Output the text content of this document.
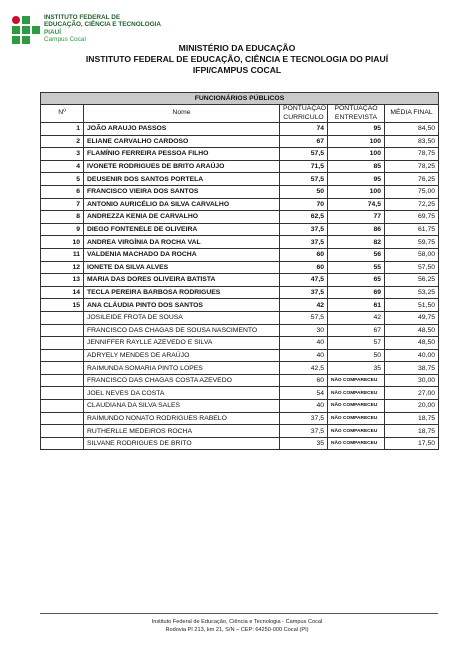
INSTITUTO FEDERAL DE
EDUCAÇÃO, CIÊNCIA E TECNOLOGIA
PIAUÍ
Campus Cocal
MINISTÉRIO DA EDUCAÇÃO
INSTITUTO FEDERAL DE EDUCAÇÃO, CIÊNCIA E TECNOLOGIA DO PIAUÍ
IFPI/CAMPUS COCAL
FUNCIONÁRIOS PÚBLICOS				
Nº	Nome	PONTUAÇÃO CURRICULO	PONTUAÇÃO ENTREVISTA	MÉDIA FINAL
1	JOÃO ARAUJO PASSOS	74	95	84,50
2	ELIANE CARVALHO CARDOSO	67	100	83,50
3	FLAMÍNIO FERREIRA PESSOA FILHO	57,5	100	78,75
4	IVONETE RODRIGUES DE BRITO ARAÚJO	71,5	85	78,25
5	DEUSENIR DOS SANTOS PORTELA	57,5	95	76,25
6	FRANCISCO VIEIRA DOS SANTOS	50	100	75,00
7	ANTONIO AURICÉLIO DA SILVA CARVALHO	70	74,5	72,25
8	ANDREZZA KENIA DE CARVALHO	62,5	77	69,75
9	DIEGO FONTENELE DE OLIVEIRA	37,5	86	61,75
10	ANDREA VIRGÍNIA DA ROCHA VAL	37,5	82	59,75
11	VALDENIA MACHADO DA ROCHA	60	56	58,00
12	IONETE DA SILVA ALVES	60	55	57,50
13	MARIA DAS DORES OLIVEIRA BATISTA	47,5	65	56,25
14	TECLA PEREIRA BARBOSA RODRIGUES	37,5	69	53,25
15	ANA CLÁUDIA PINTO DOS SANTOS	42	61	51,50
	JOSILEIDE FROTA DE SOUSA	57,5	42	49,75
	FRANCISCO DAS CHAGAS DE SOUSA NASCIMENTO	30	67	48,50
	JENNIFFER RAYLLE AZEVEDO E SILVA	40	57	48,50
	ADRYELY MENDES DE ARAÚJO	40	50	40,00
	RAIMUNDA SOMARIA PINTO LOPES	42,5	35	38,75
	FRANCISCO DAS CHAGAS COSTA AZEVEDO	60	NÃO COMPARECEU	30,00
	JOEL NEVES DA COSTA	54	NÃO COMPARECEU	27,00
	CLAUDIANA DA SILVA SALES	40	NÃO COMPARECEU	20,00
	RAIMUNDO NONATO RODRIGUES RABELO	37,5	NÃO COMPARECEU	18,75
	RUTHERLLE MEDEIROS ROCHA	37,5	NÃO COMPARECEU	18,75
	SILVANE RODRIGUES DE BRITO	35	NÃO COMPARECEU	17,50
Instituto Federal de Educação, Ciência e Tecnologia - Campus Cocal
Rodovia PI 213, km 21, S/N – CEP: 64250-000 Cocal (PI)
